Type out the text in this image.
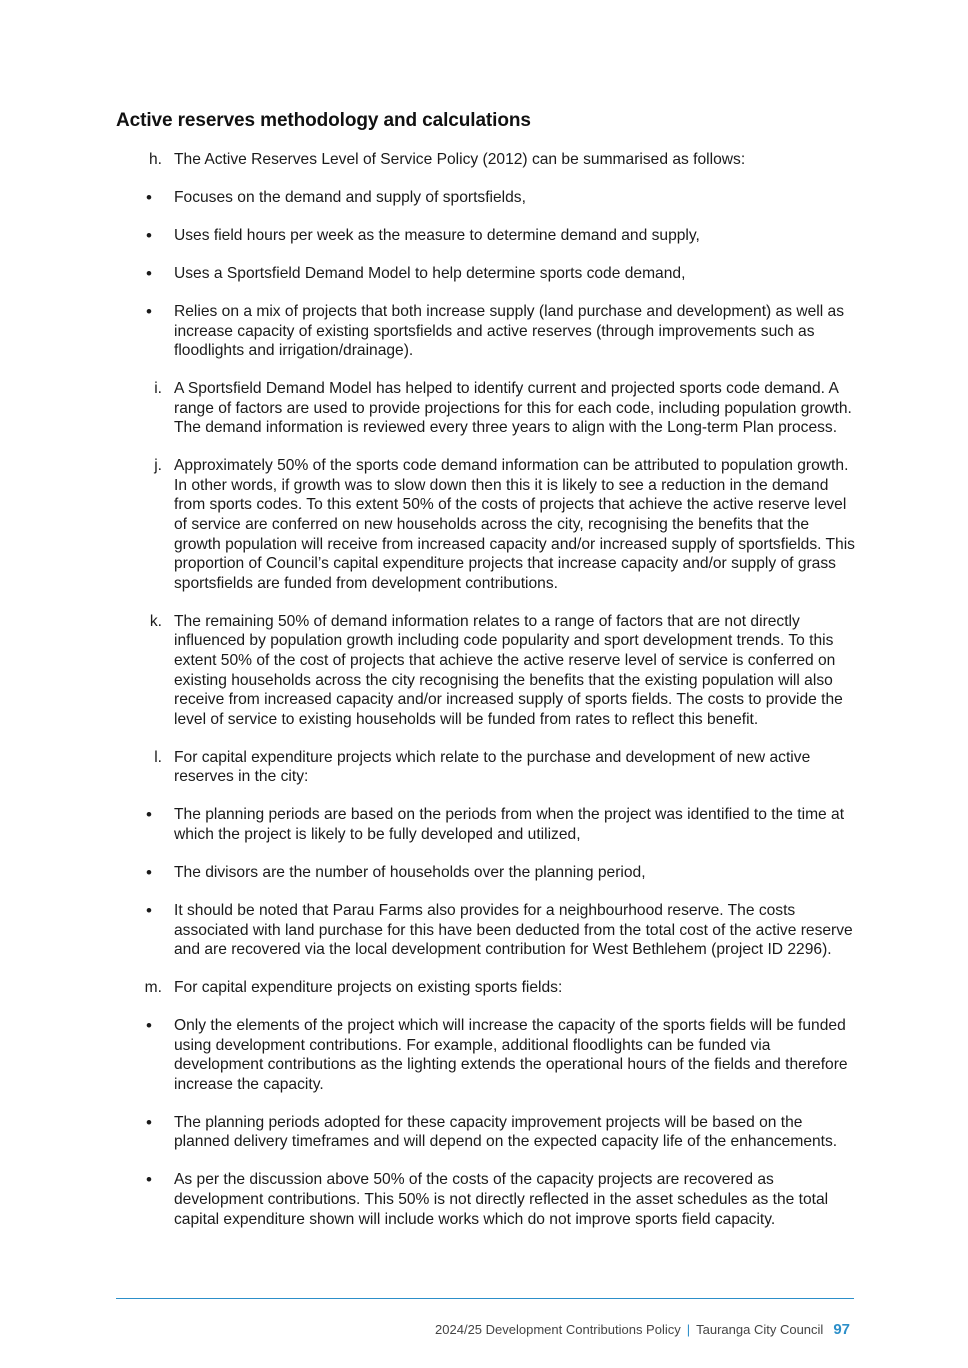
Active reserves methodology and calculations
h. The Active Reserves Level of Service Policy (2012) can be summarised as follows:
• Focuses on the demand and supply of sportsfields,
• Uses field hours per week as the measure to determine demand and supply,
• Uses a Sportsfield Demand Model to help determine sports code demand,
• Relies on a mix of projects that both increase supply (land purchase and development) as well as increase capacity of existing sportsfields and active reserves (through improvements such as floodlights and irrigation/drainage).
i. A Sportsfield Demand Model has helped to identify current and projected sports code demand. A range of factors are used to provide projections for this for each code, including population growth. The demand information is reviewed every three years to align with the Long-term Plan process.
j. Approximately 50% of the sports code demand information can be attributed to population growth. In other words, if growth was to slow down then this it is likely to see a reduction in the demand from sports codes. To this extent 50% of the costs of projects that achieve the active reserve level of service are conferred on new households across the city, recognising the benefits that the growth population will receive from increased capacity and/or increased supply of sportsfields. This proportion of Council’s capital expenditure projects that increase capacity and/or supply of grass sportsfields are funded from development contributions.
k. The remaining 50% of demand information relates to a range of factors that are not directly influenced by population growth including code popularity and sport development trends. To this extent 50% of the cost of projects that achieve the active reserve level of service is conferred on existing households across the city recognising the benefits that the existing population will also receive from increased capacity and/or increased supply of sports fields. The costs to provide the level of service to existing households will be funded from rates to reflect this benefit.
l. For capital expenditure projects which relate to the purchase and development of new active reserves in the city:
• The planning periods are based on the periods from when the project was identified to the time at which the project is likely to be fully developed and utilized,
• The divisors are the number of households over the planning period,
• It should be noted that Parau Farms also provides for a neighbourhood reserve. The costs associated with land purchase for this have been deducted from the total cost of the active reserve and are recovered via the local development contribution for West Bethlehem (project ID 2296).
m. For capital expenditure projects on existing sports fields:
• Only the elements of the project which will increase the capacity of the sports fields will be funded using development contributions. For example, additional floodlights can be funded via development contributions as the lighting extends the operational hours of the fields and therefore increase the capacity.
• The planning periods adopted for these capacity improvement projects will be based on the planned delivery timeframes and will depend on the expected capacity life of the enhancements.
• As per the discussion above 50% of the costs of the capacity projects are recovered as development contributions. This 50% is not directly reflected in the asset schedules as the total capital expenditure shown will include works which do not improve sports field capacity.
2024/25 Development Contributions Policy | Tauranga City Council 97
